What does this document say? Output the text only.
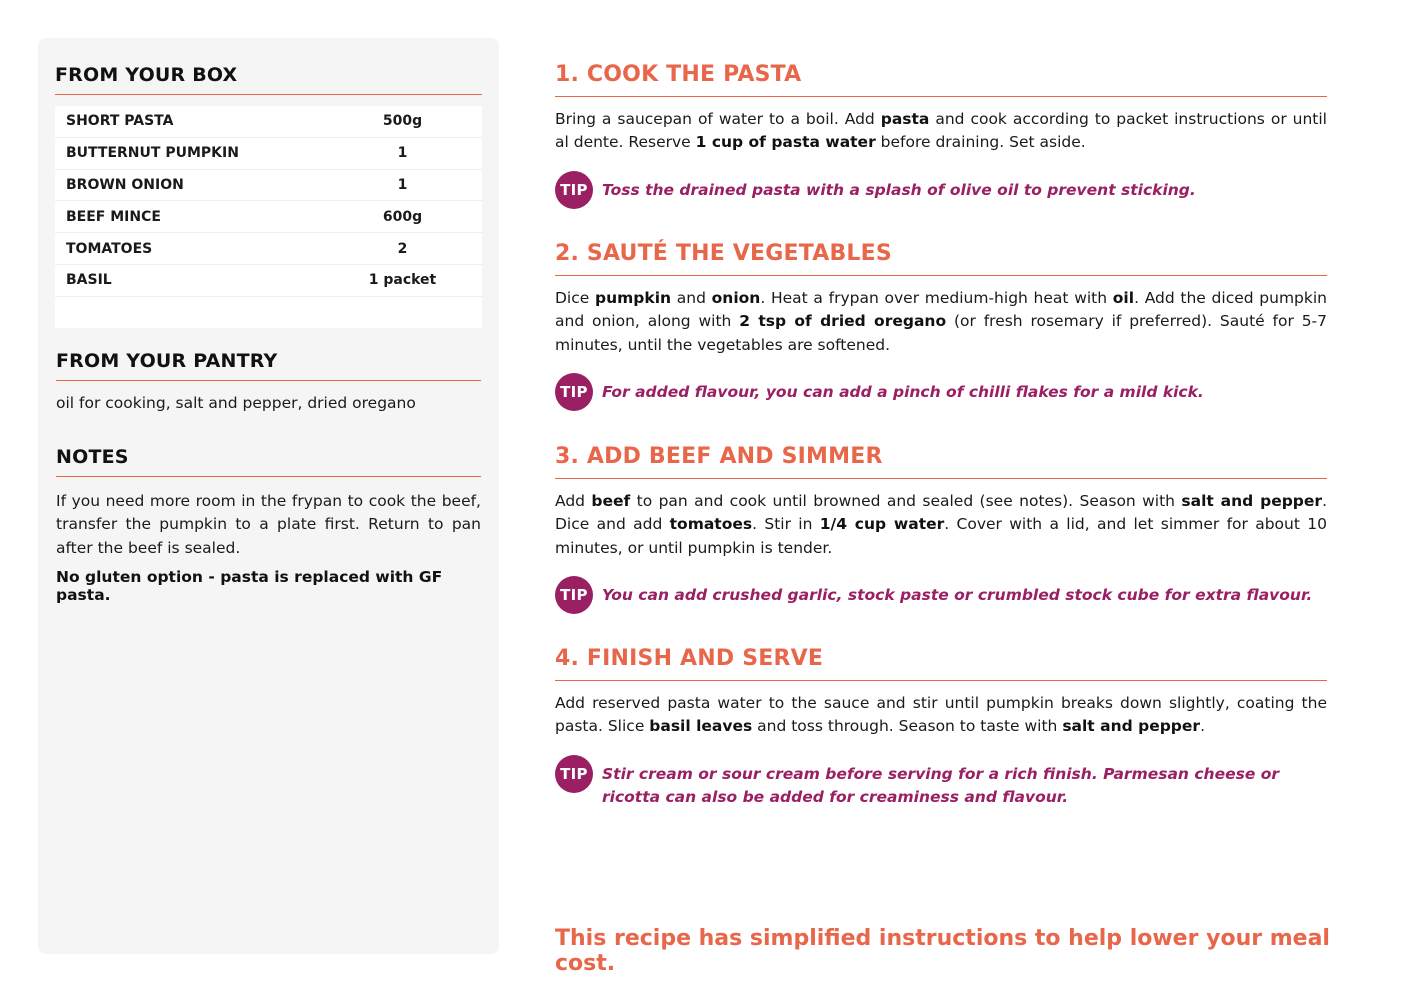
FROM YOUR BOX
SHORT PASTA	500g
BUTTERNUT PUMPKIN	1
BROWN ONION	1
BEEF MINCE	600g
TOMATOES	2
BASIL	1 packet
FROM YOUR PANTRY
oil for cooking, salt and pepper, dried oregano
NOTES
If you need more room in the frypan to cook the beef, transfer the pumpkin to a plate first. Return to pan after the beef is sealed.
No gluten option - pasta is replaced with GF pasta.
1. COOK THE PASTA
Bring a saucepan of water to a boil. Add pasta and cook according to packet instructions or until al dente. Reserve 1 cup of pasta water before draining. Set aside.
TIP Toss the drained pasta with a splash of olive oil to prevent sticking.
2. SAUTÉ THE VEGETABLES
Dice pumpkin and onion. Heat a frypan over medium-high heat with oil. Add the diced pumpkin and onion, along with 2 tsp of dried oregano (or fresh rosemary if preferred). Sauté for 5-7 minutes, until the vegetables are softened.
TIP For added flavour, you can add a pinch of chilli flakes for a mild kick.
3. ADD BEEF AND SIMMER
Add beef to pan and cook until browned and sealed (see notes). Season with salt and pepper. Dice and add tomatoes. Stir in 1/4 cup water. Cover with a lid, and let simmer for about 10 minutes, or until pumpkin is tender.
TIP You can add crushed garlic, stock paste or crumbled stock cube for extra flavour.
4. FINISH AND SERVE
Add reserved pasta water to the sauce and stir until pumpkin breaks down slightly, coating the pasta. Slice basil leaves and toss through. Season to taste with salt and pepper.
TIP Stir cream or sour cream before serving for a rich finish. Parmesan cheese or ricotta can also be added for creaminess and flavour.
This recipe has simplified instructions to help lower your meal cost.
